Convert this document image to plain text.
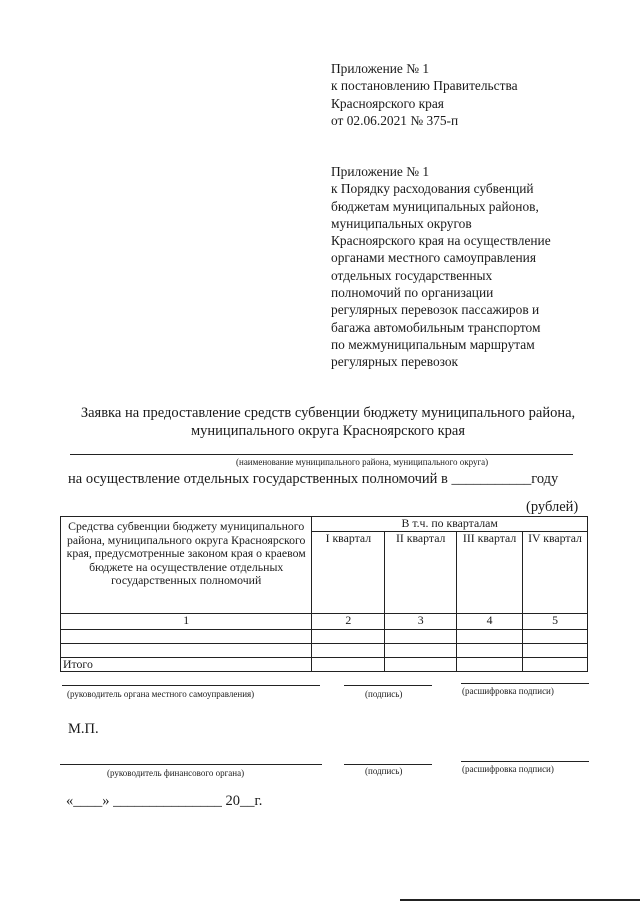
Приложение № 1
к постановлению Правительства
Красноярского края
от 02.06.2021 № 375-п
Приложение № 1
к Порядку расходования субвенций
бюджетам муниципальных районов,
муниципальных округов
Красноярского края на осуществление
органами местного самоуправления
отдельных государственных
полномочий по организации
регулярных перевозок пассажиров и
багажа автомобильным транспортом
по межмуниципальным маршрутам
регулярных перевозок
Заявка на предоставление средств субвенции бюджету муниципального района,
муниципального округа Красноярского края
(наименование муниципального района, муниципального округа)
на осуществление отдельных государственных полномочий в ___________году
(рублей)
Средства субвенции бюджету муниципального района, муниципального округа Красноярского края, предусмотренные законом края о краевом бюджете на осуществление отдельных государственных полномочий	В т.ч. по кварталам			
	I квартал	II квартал	III квартал	IV квартал
1	2	3	4	5

Итого				
(руководитель органа местного самоуправления)	(подпись)	(расшифровка подписи)
М.П.
(руководитель финансового органа)	(подпись)	(расшифровка подписи)
«____» _______________ 20__г.
